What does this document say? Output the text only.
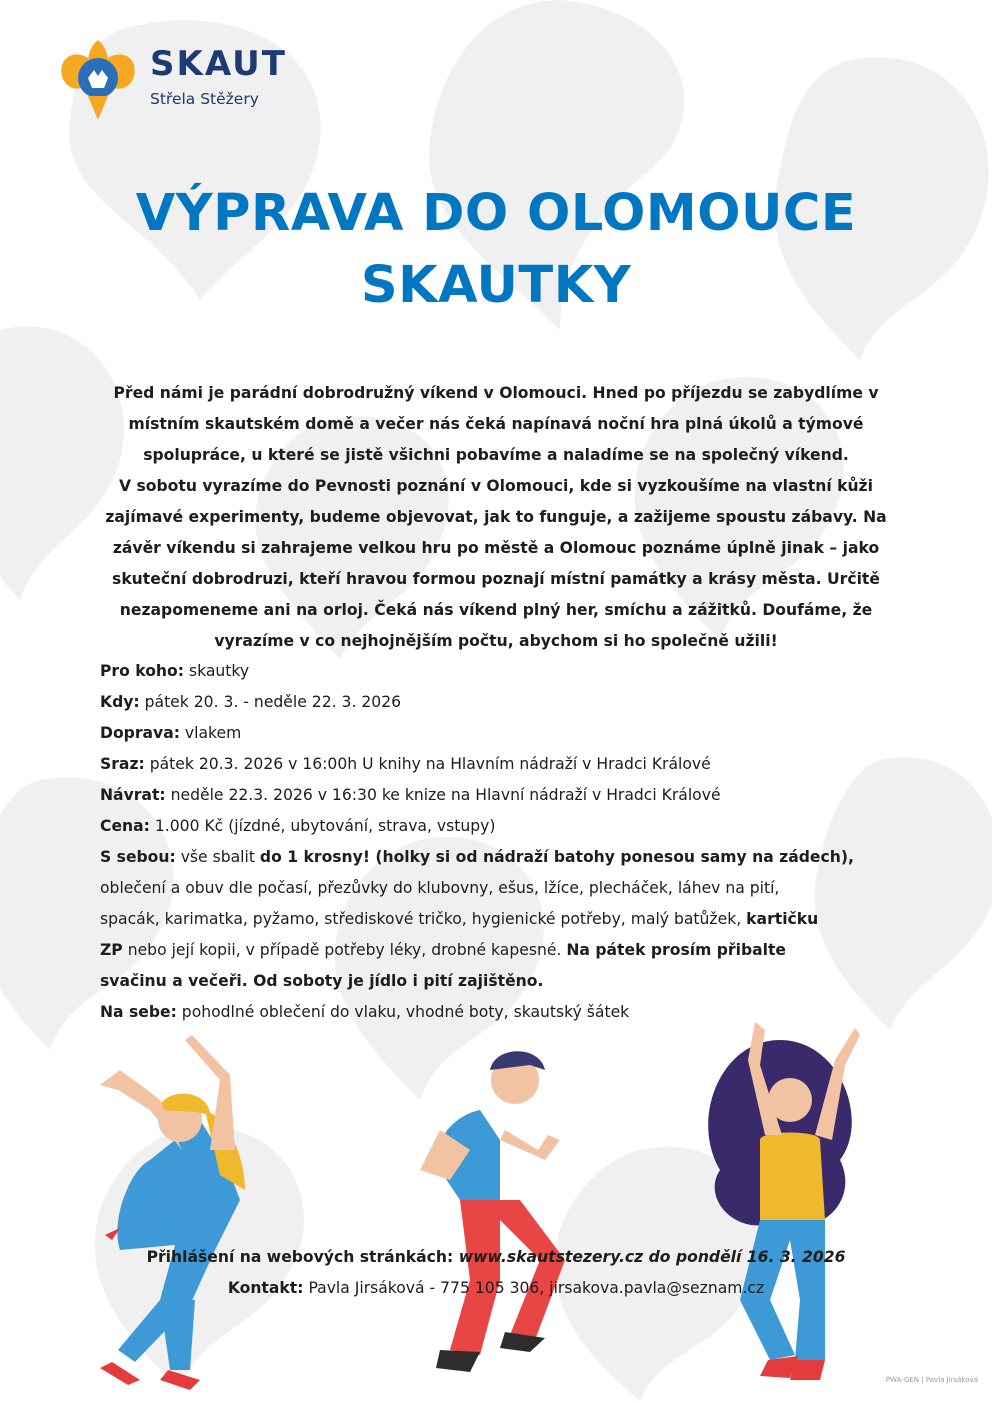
SKAUT
Střela Stěžery
VÝPRAVA DO OLOMOUCE
SKAUTKY
Před námi je parádní dobrodružný víkend v Olomouci. Hned po příjezdu se zabydlíme v místním skautském domě a večer nás čeká napínavá noční hra plná úkolů a týmové spolupráce, u které se jistě všichni pobavíme a naladíme se na společný víkend.
V sobotu vyrazíme do Pevnosti poznání v Olomouci, kde si vyzkoušíme na vlastní kůži zajímavé experimenty, budeme objevovat, jak to funguje, a zažijeme spoustu zábavy. Na závěr víkendu si zahrajeme velkou hru po městě a Olomouc poznáme úplně jinak – jako skuteční dobrodruzi, kteří hravou formou poznají místní památky a krásy města. Určitě nezapomeneme ani na orloj. Čeká nás víkend plný her, smíchu a zážitků. Doufáme, že vyrazíme v co nejhojnějším počtu, abychom si ho společně užili!
Pro koho: skautky
Kdy: pátek 20. 3. - neděle 22. 3. 2026
Doprava: vlakem
Sraz: pátek 20.3. 2026 v 16:00h U knihy na Hlavním nádraží v Hradci Králové
Návrat: neděle 22.3. 2026 v 16:30 ke knize na Hlavní nádraží v Hradci Králové
Cena: 1.000 Kč (jízdné, ubytování, strava, vstupy)
S sebou: vše sbalit do 1 krosny! (holky si od nádraží batohy ponesou samy na zádech),
oblečení a obuv dle počasí, přezůvky do klubovny, ešus, lžíce, plecháček, láhev na pití,
spacák, karimatka, pyžamo, střediskové tričko, hygienické potřeby, malý batůžek, kartičku
ZP nebo její kopii, v případě potřeby léky, drobné kapesné. Na pátek prosím přibalte
svačinu a večeři. Od soboty je jídlo i pití zajištěno.
Na sebe: pohodlné oblečení do vlaku, vhodné boty, skautský šátek
Přihlášení na webových stránkách: www.skautstezery.cz do pondělí 16. 3. 2026
Kontakt: Pavla Jirsáková - 775 105 306, jirsakova.pavla@seznam.cz
PWA-GEN | Pavla Jirsáková
